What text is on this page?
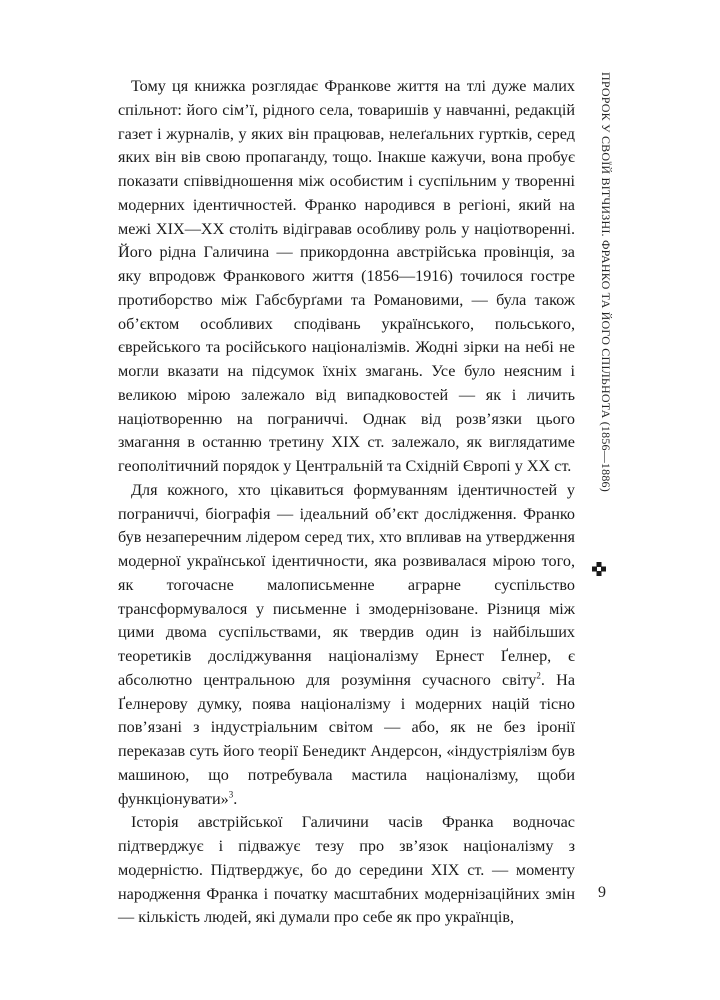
Тому ця книжка розглядає Франкове життя на тлі дуже малих спільнот: його сім’ї, рідного села, товаришів у навчанні, редакцій газет і журналів, у яких він працював, нелеґальних гуртків, серед яких він вів свою пропаганду, тощо. Інакше кажучи, вона пробує показати співвідношення між особистим і суспільним у творенні модерних ідентичностей. Франко народився в регіоні, який на межі XIX—XX століть відігравав особливу роль у націотворенні. Його рідна Галичина — прикордонна австрійська провінція, за яку впродовж Франкового життя (1856—1916) точилося гостре протиборство між Габсбурґами та Романовими, — була також об’єктом особливих сподівань українського, польського, єврейського та російського націоналізмів. Жодні зірки на небі не могли вказати на підсумок їхніх змагань. Усе було неясним і великою мірою залежало від випадковостей — як і личить націотворенню на пограниччі. Однак від розв’язки цього змагання в останню третину XIX ст. залежало, як виглядатиме геополітичний порядок у Центральній та Східній Європі у XX ст.

Для кожного, хто цікавиться формуванням ідентичностей у пограниччі, біографія — ідеальний об’єкт дослідження. Франко був незаперечним лідером серед тих, хто впливав на утвердження модерної української ідентичности, яка розвивалася мірою того, як тогочасне малописьменне аграрне суспільство трансформувалося у письменне і змодернізоване. Різниця між цими двома суспільствами, як твердив один із найбільших теоретиків досліджування націоналізму Ернест Ґелнер, є абсолютно центральною для розуміння сучасного світу$^2$. На Ґелнерову думку, поява націоналізму і модерних націй тісно пов’язані з індустріальним світом — або, як не без іронії переказав суть його теорії Бенедикт Андерсон, «індустріялізм був машиною, що потребувала мастила націоналізму, щоби функціонувати»$^3$.

Історія австрійської Галичини часів Франка водночас підтверджує і підважує тезу про зв’язок націоналізму з модерністю. Підтверджує, бо до середини XIX ст. — моменту народження Франка і початку масштабних модернізаційних змін — кількість людей, які думали про себе як про українців,

ПРОРОК У СВОЇЙ ВІТЧИЗНІ. ФРАНКО ТА ЙОГО СПІЛЬНОТА (1856—1886)
9
